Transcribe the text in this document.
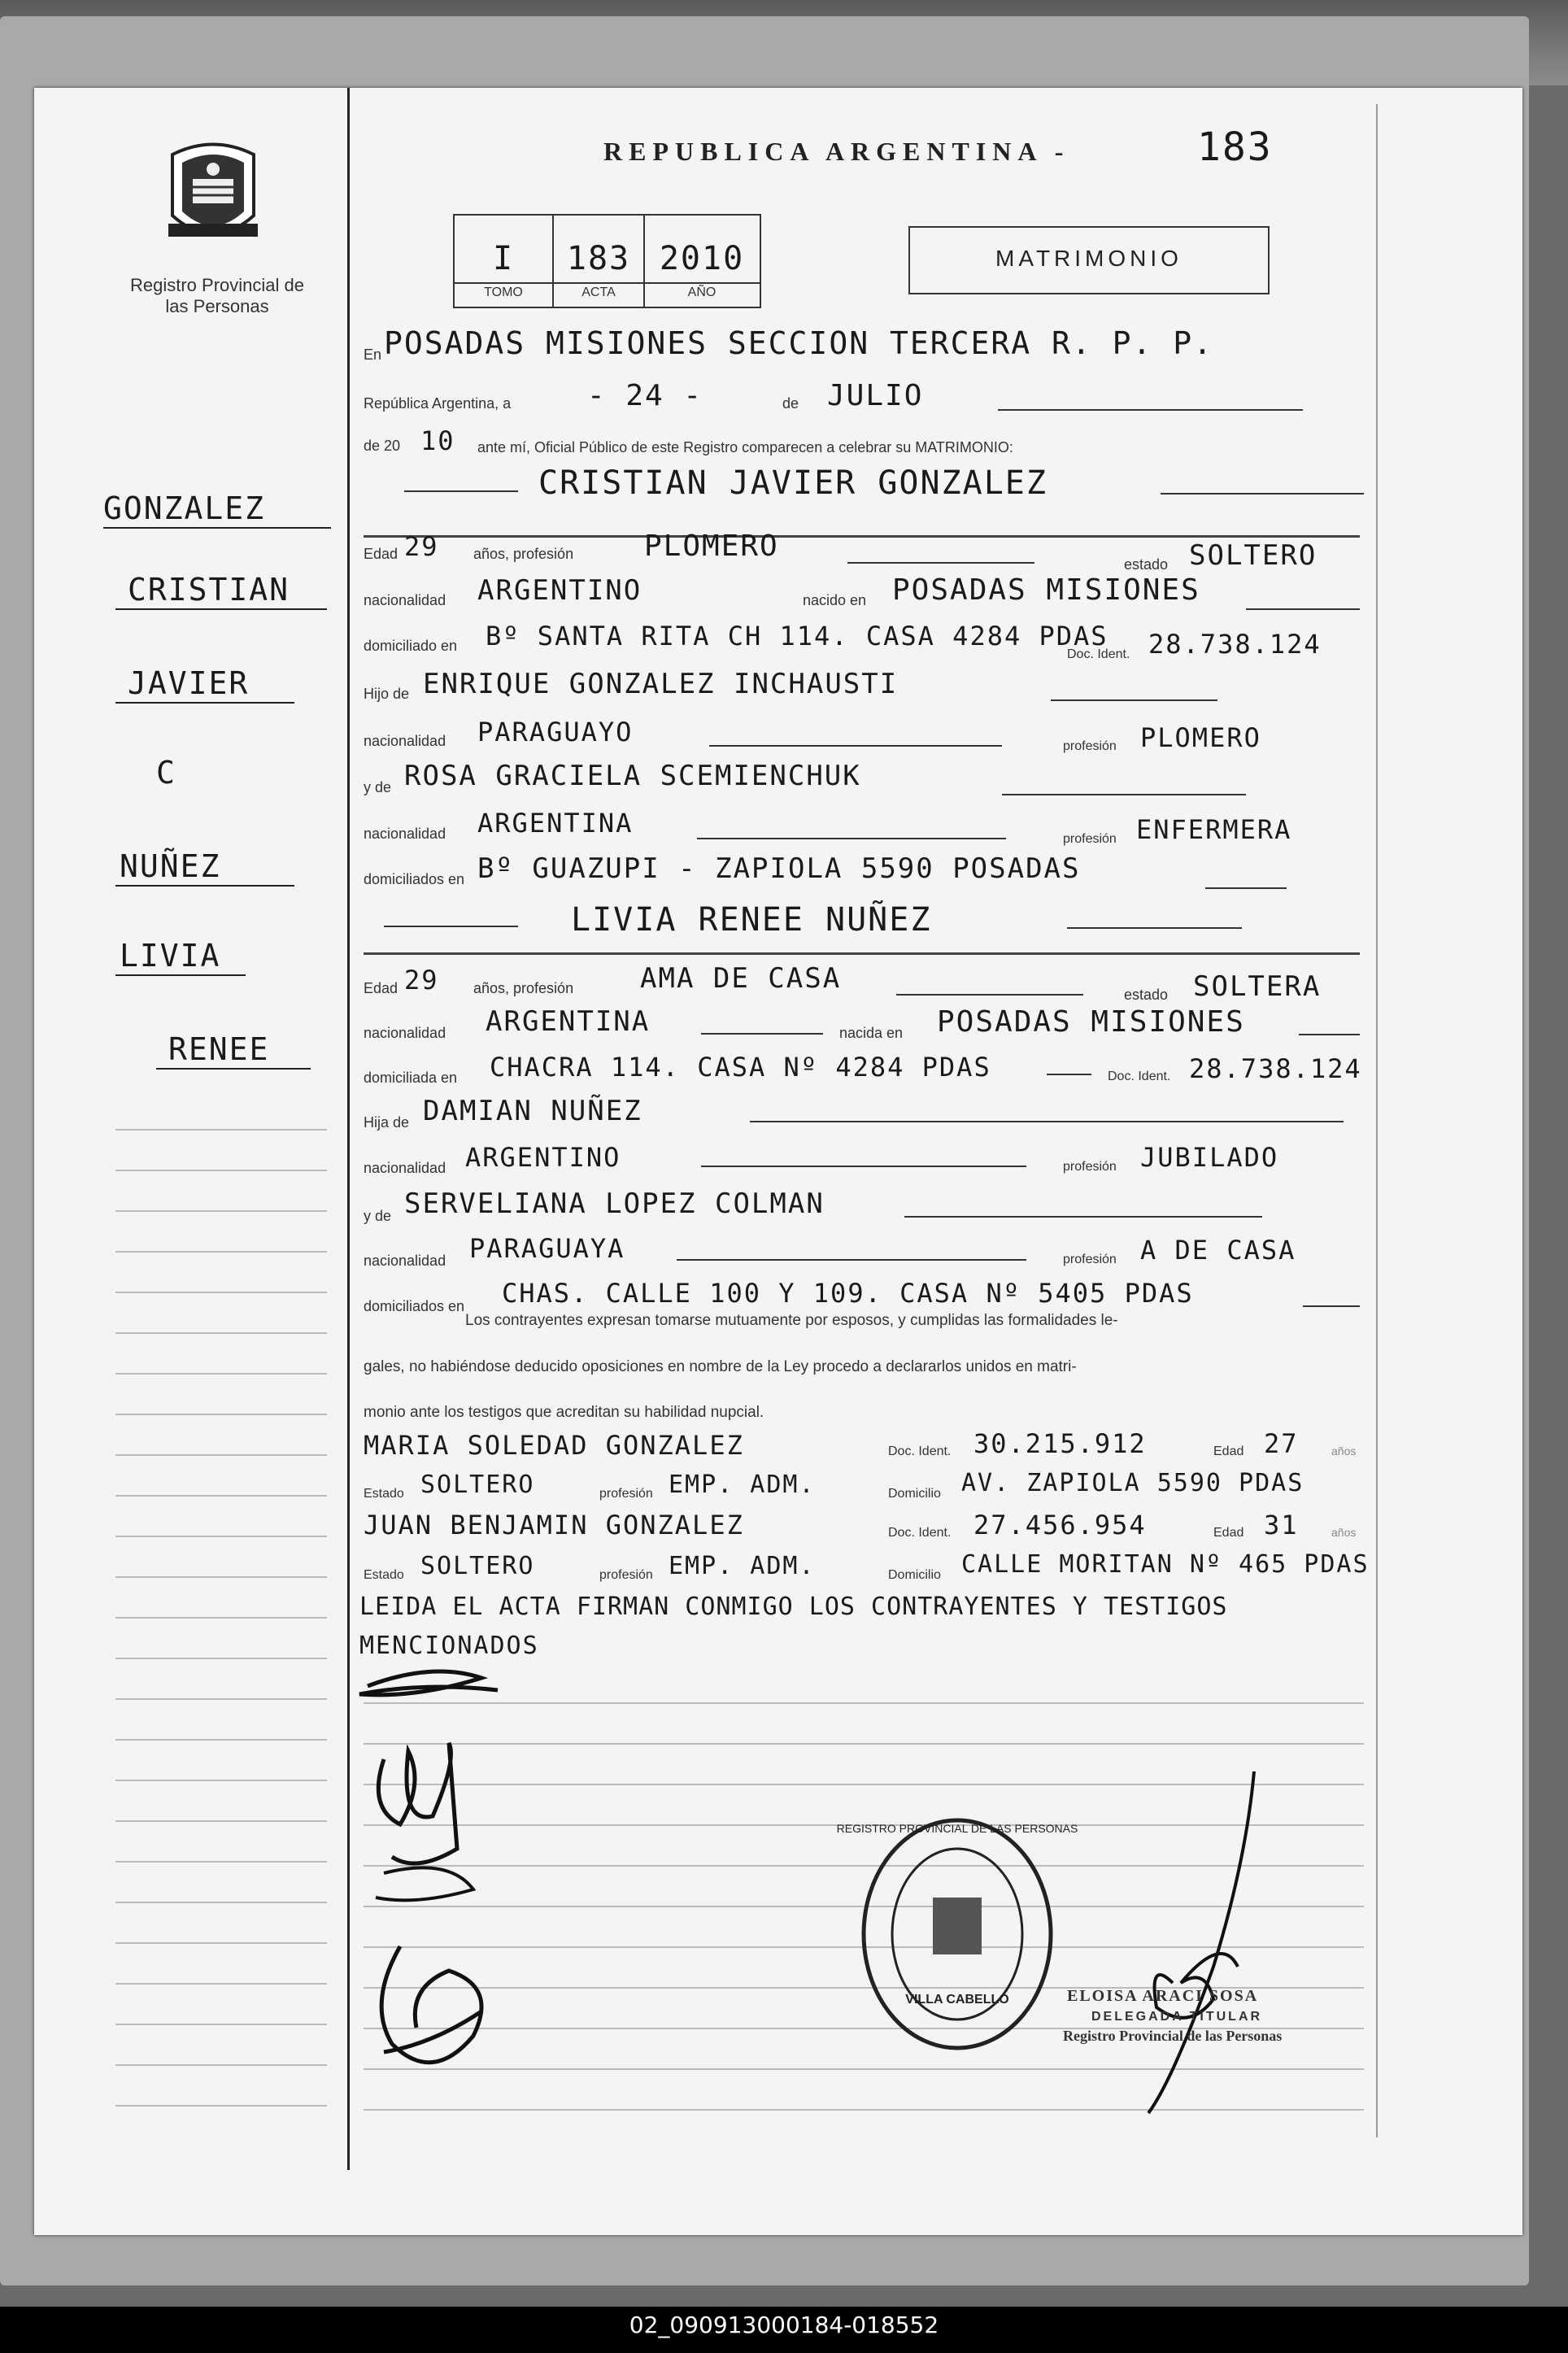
Registro Provincial de las Personas
REPUBLICA ARGENTINA -	183
I	183 2010
TOMO	ACTA	AÑO
MATRIMONIO
GONZALEZ
CRISTIAN
JAVIER
C
NUÑEZ
LIVIA
RENEE
En POSADAS MISIONES SECCION TERCERA R. P. P.
República Argentina, a	- 24 -	de JULIO
de 20 10 ante mí, Oficial Público de este Registro comparecen a celebrar su MATRIMONIO:
CRISTIAN JAVIER GONZALEZ
Edad 29 años, profesión PLOMERO
estado SOLTERO
nacionalidad ARGENTINO	nacido en POSADAS MISIONES
domiciliado en Bº SANTA RITA CH 114. CASA 4284 PDAS
Doc. Ident. 28.738.124
Hijo de ENRIQUE GONZALEZ INCHAUSTI
nacionalidad PARAGUAYO	profesión PLOMERO
y de ROSA GRACIELA SCEMIENCHUK
nacionalidad ARGENTINA
profesión ENFERMERA
domiciliados en Bº GUAZUPI - ZAPIOLA 5590 POSADAS
LIVIA RENEE NUÑEZ
Edad 29 años, profesión AMA DE CASA	estado SOLTERA
nacionalidad ARGENTINA	nacida en POSADAS MISIONES
domiciliada en CHACRA 114. CASA Nº 4284 PDAS	Doc. Ident. 28.738.124
Hija de DAMIAN NUÑEZ
nacionalidad ARGENTINO	profesión JUBILADO
y de SERVELIANA LOPEZ COLMAN
nacionalidad PARAGUAYA	profesión A DE CASA
domiciliados en CHAS. CALLE 100 Y 109. CASA Nº 5405 PDAS
Los contrayentes expresan tomarse mutuamente por esposos, y cumplidas las formalidades le-
gales, no habiéndose deducido oposiciones en nombre de la Ley procedo a declararlos unidos en matri-
monio ante los testigos que acreditan su habilidad nupcial.
MARIA SOLEDAD GONZALEZ	Doc. Ident. 30.215.912	Edad 27	años
Estado SOLTERO	profesión EMP. ADM.	Domicilio AV. ZAPIOLA 5590 PDAS
JUAN BENJAMIN GONZALEZ	Doc. Ident. 27.456.954	Edad 31	años
Estado SOLTERO	profesión EMP. ADM.	Domicilio CALLE MORITAN Nº 465 PDAS
LEIDA EL ACTA FIRMAN CONMIGO LOS CONTRAYENTES Y TESTIGOS
MENCIONADOS
REGISTRO PROVINCIAL DE LAS PERSONAS
VILLA CABELLO	ELOISA ARACI SOSA
DELEGADA TITULAR
Registro Provincial de las Personas
02_090913000184-018552
